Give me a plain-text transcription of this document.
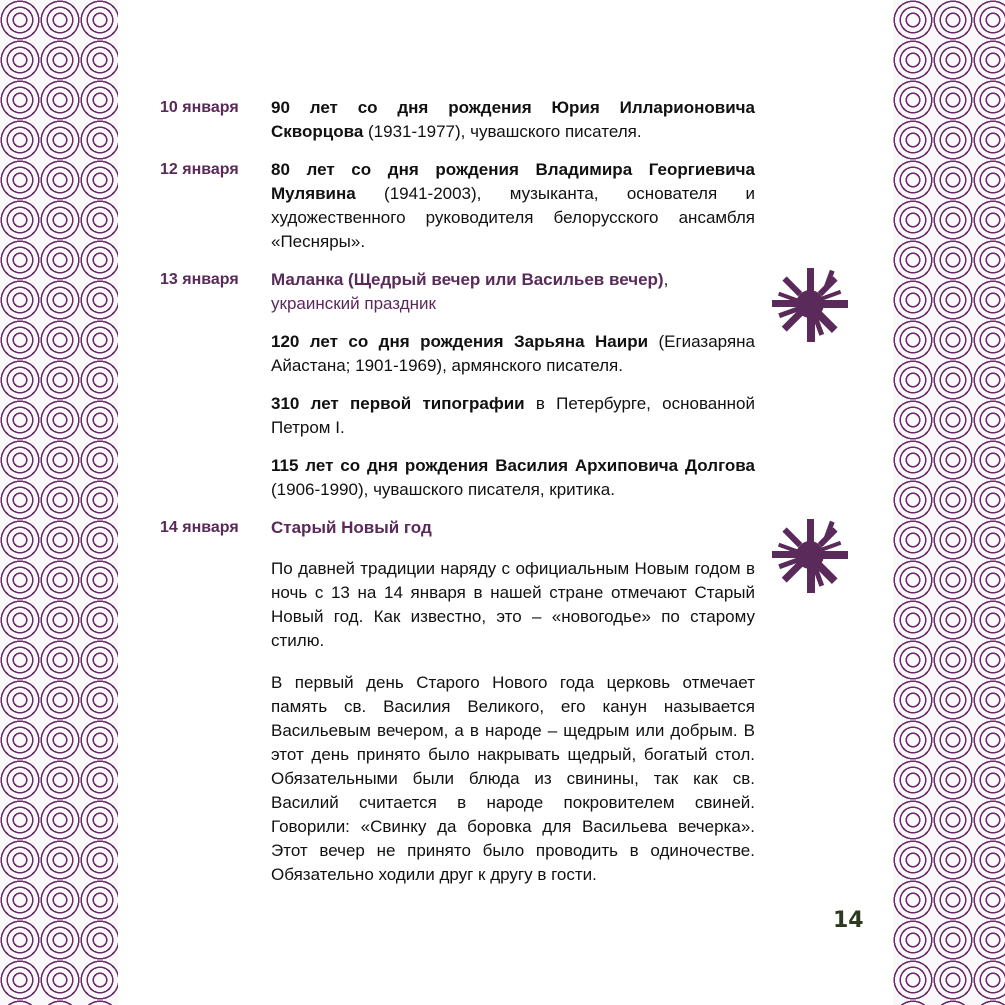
10 января	90 лет со дня рождения Юрия Илларионовича Скворцова (1931-1977), чувашского писателя.
12 января	80 лет со дня рождения Владимира Георгиевича Мулявина (1941-2003), музыканта, основателя и художественного руководителя белорусского ансамбля «Песняры».
13 января	Маланка (Щедрый вечер или Васильев вечер),
украинский праздник
120 лет со дня рождения Зарьяна Наири (Егиазаряна Айастана; 1901-1969), армянского писателя.
310 лет первой типографии в Петербурге, основанной Петром I.
115 лет со дня рождения Василия Архиповича Долгова (1906-1990), чувашского писателя, критика.
14 января	Старый Новый год

По давней традиции наряду с официальным Новым годом в ночь с 13 на 14 января в нашей стране отмечают Старый Новый год. Как известно, это – «новогодье» по старому стилю.

В первый день Старого Нового года церковь отмечает память св. Василия Великого, его канун называется Васильевым вечером, а в народе – щедрым или добрым. В этот день принято было накрывать щедрый, богатый стол. Обязательными были блюда из свинины, так как св. Василий считается в народе покровителем свиней. Говорили: «Свинку да боровка для Васильева вечерка». Этот вечер не принято было проводить в одиночестве. Обязательно ходили друг к другу в гости.

14
